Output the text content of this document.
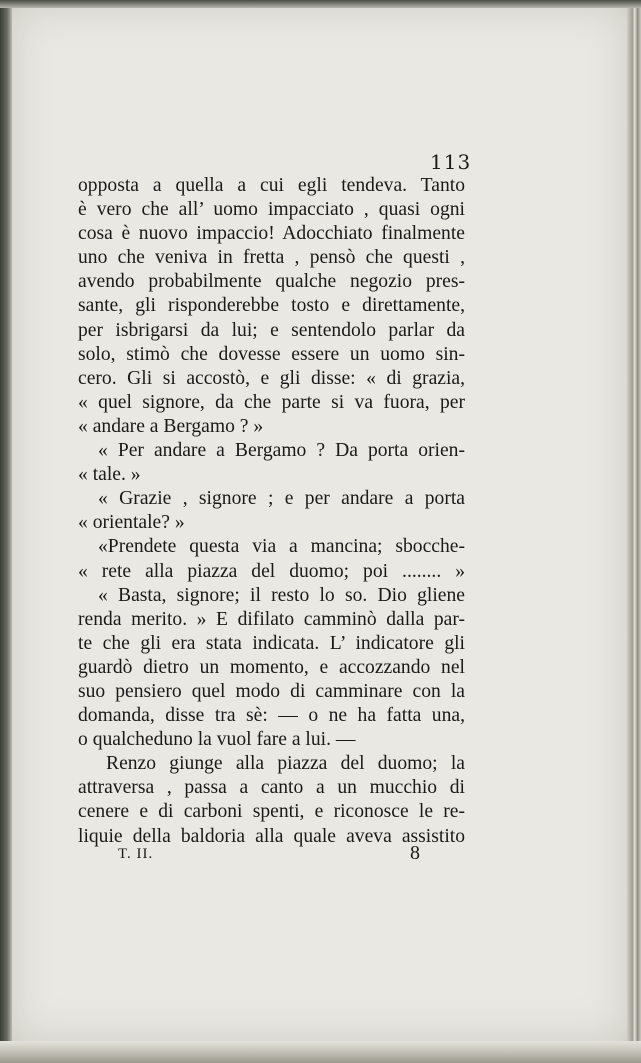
113
opposta a quella a cui egli tendeva. Tanto
è vero che all’ uomo impacciato , quasi ogni
cosa è nuovo impaccio! Adocchiato finalmente
uno che veniva in fretta , pensò che questi ,
avendo probabilmente qualche negozio pres-
sante, gli risponderebbe tosto e direttamente,
per isbrigarsi da lui; e sentendolo parlar da
solo, stimò che dovesse essere un uomo sin-
cero. Gli si accostò, e gli disse: « di grazia,
« quel signore, da che parte si va fuora, per
« andare a Bergamo ? »
« Per andare a Bergamo ? Da porta orien-
« tale. »
« Grazie , signore ; e per andare a porta
« orientale? »
«Prendete questa via a mancina; sbocche-
« rete alla piazza del duomo; poi ........ »
« Basta, signore; il resto lo so. Dio gliene
renda merito. » E difilato camminò dalla par-
te che gli era stata indicata. L’ indicatore gli
guardò dietro un momento, e accozzando nel
suo pensiero quel modo di camminare con la
domanda, disse tra sè: — o ne ha fatta una,
o qualcheduno la vuol fare a lui. —
Renzo giunge alla piazza del duomo; la
attraversa , passa a canto a un mucchio di
cenere e di carboni spenti, e riconosce le re-
liquie della baldoria alla quale aveva assistito
T. II.	8
